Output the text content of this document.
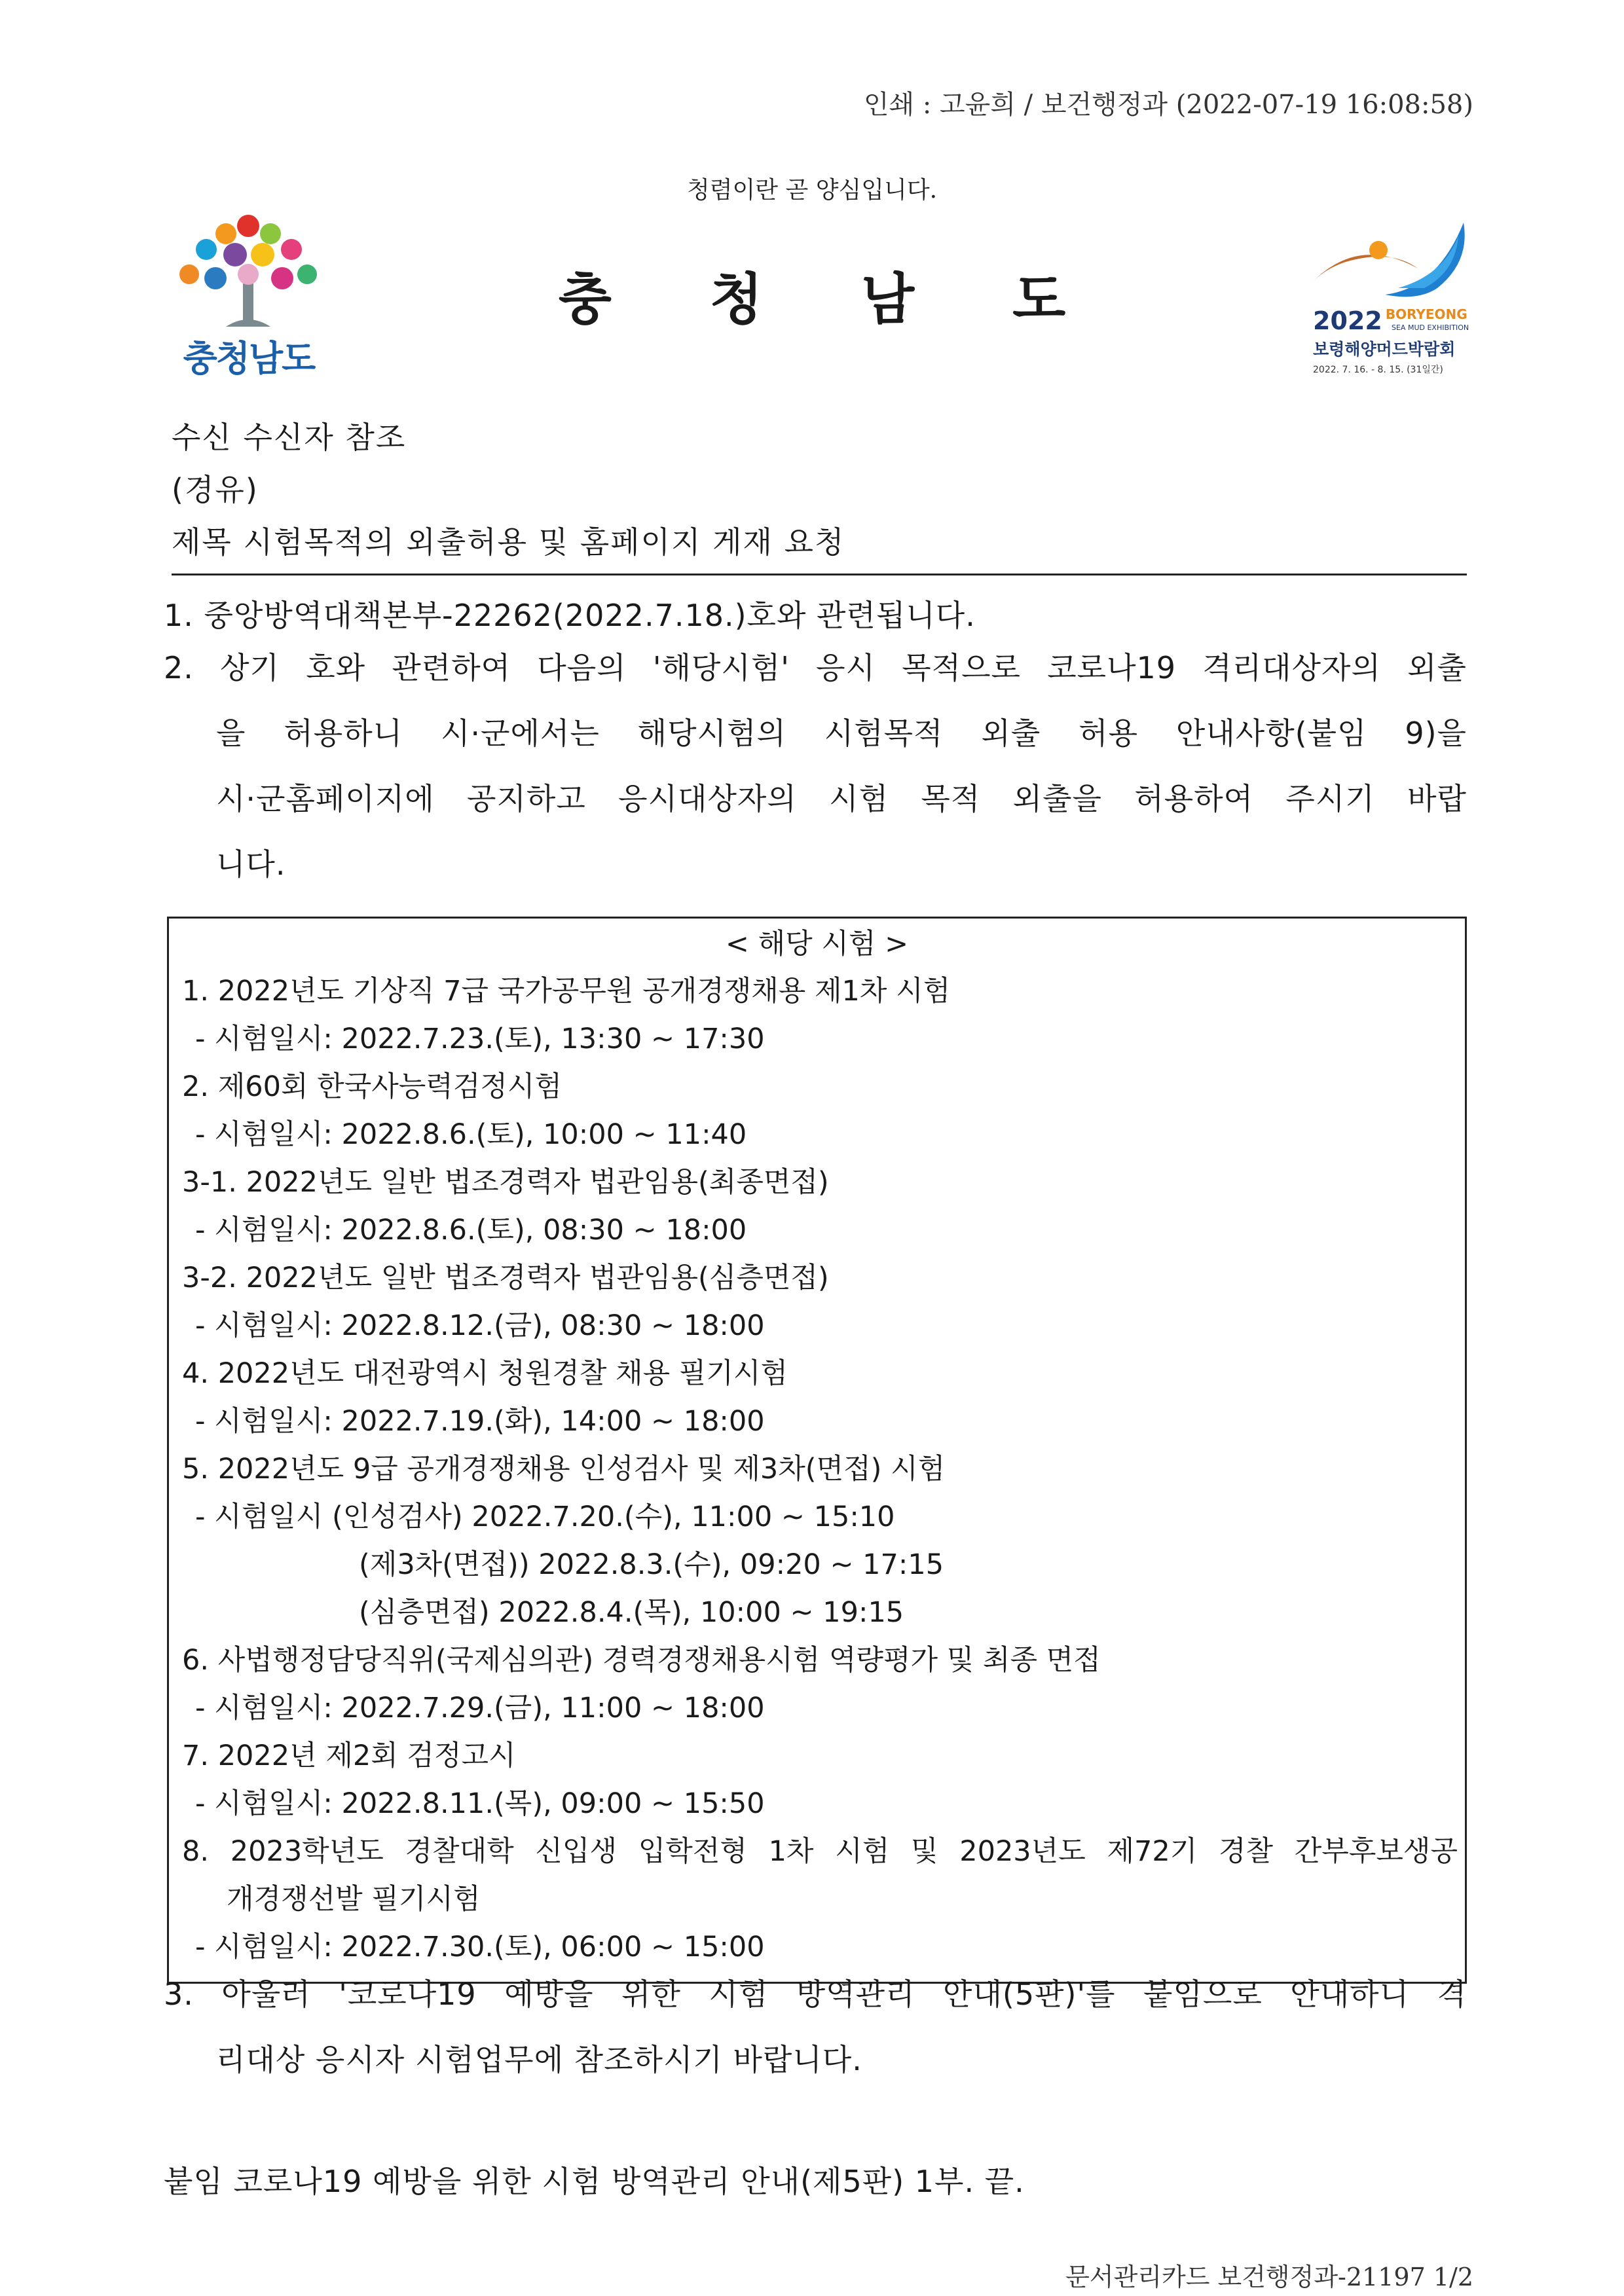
인쇄 : 고윤희 / 보건행정과 (2022-07-19 16:08:58)
청렴이란 곧 양심입니다.
충청남도
충청남도	2022 BORYEONG
SEA MUD EXHIBITION
보령해양머드박람회
2022. 7. 16. - 8. 15. (31일간)
수신 수신자 참조
(경유)
제목 시험목적의 외출허용 및 홈페이지 게재 요청
1. 중앙방역대책본부-22262(2022.7.18.)호와 관련됩니다.
2. 상기 호와 관련하여 다음의 '해당시험' 응시 목적으로 코로나19 격리대상자의 외출
을 허용하니 시·군에서는 해당시험의 시험목적 외출 허용 안내사항(붙임 9)을
시·군홈페이지에 공지하고 응시대상자의 시험 목적 외출을 허용하여 주시기 바랍
니다.
< 해당 시험 >
1. 2022년도 기상직 7급 국가공무원 공개경쟁채용 제1차 시험
- 시험일시: 2022.7.23.(토), 13:30 ~ 17:30
2. 제60회 한국사능력검정시험
- 시험일시: 2022.8.6.(토), 10:00 ~ 11:40
3-1. 2022년도 일반 법조경력자 법관임용(최종면접)
- 시험일시: 2022.8.6.(토), 08:30 ~ 18:00
3-2. 2022년도 일반 법조경력자 법관임용(심층면접)
- 시험일시: 2022.8.12.(금), 08:30 ~ 18:00
4. 2022년도 대전광역시 청원경찰 채용 필기시험
- 시험일시: 2022.7.19.(화), 14:00 ~ 18:00
5. 2022년도 9급 공개경쟁채용 인성검사 및 제3차(면접) 시험
- 시험일시 (인성검사) 2022.7.20.(수), 11:00 ~ 15:10
(제3차(면접)) 2022.8.3.(수), 09:20 ~ 17:15
(심층면접) 2022.8.4.(목), 10:00 ~ 19:15
6. 사법행정담당직위(국제심의관) 경력경쟁채용시험 역량평가 및 최종 면접
- 시험일시: 2022.7.29.(금), 11:00 ~ 18:00
7. 2022년 제2회 검정고시
- 시험일시: 2022.8.11.(목), 09:00 ~ 15:50
8. 2023학년도 경찰대학 신입생 입학전형 1차 시험 및 2023년도 제72기 경찰 간부후보생공
개경쟁선발 필기시험
- 시험일시: 2022.7.30.(토), 06:00 ~ 15:00
3. 아울러 '코로나19 예방을 위한 시험 방역관리 안내(5판)'를 붙임으로 안내하니 격
리대상 응시자 시험업무에 참조하시기 바랍니다.
붙임 코로나19 예방을 위한 시험 방역관리 안내(제5판) 1부. 끝.
문서관리카드 보건행정과-21197 1/2
